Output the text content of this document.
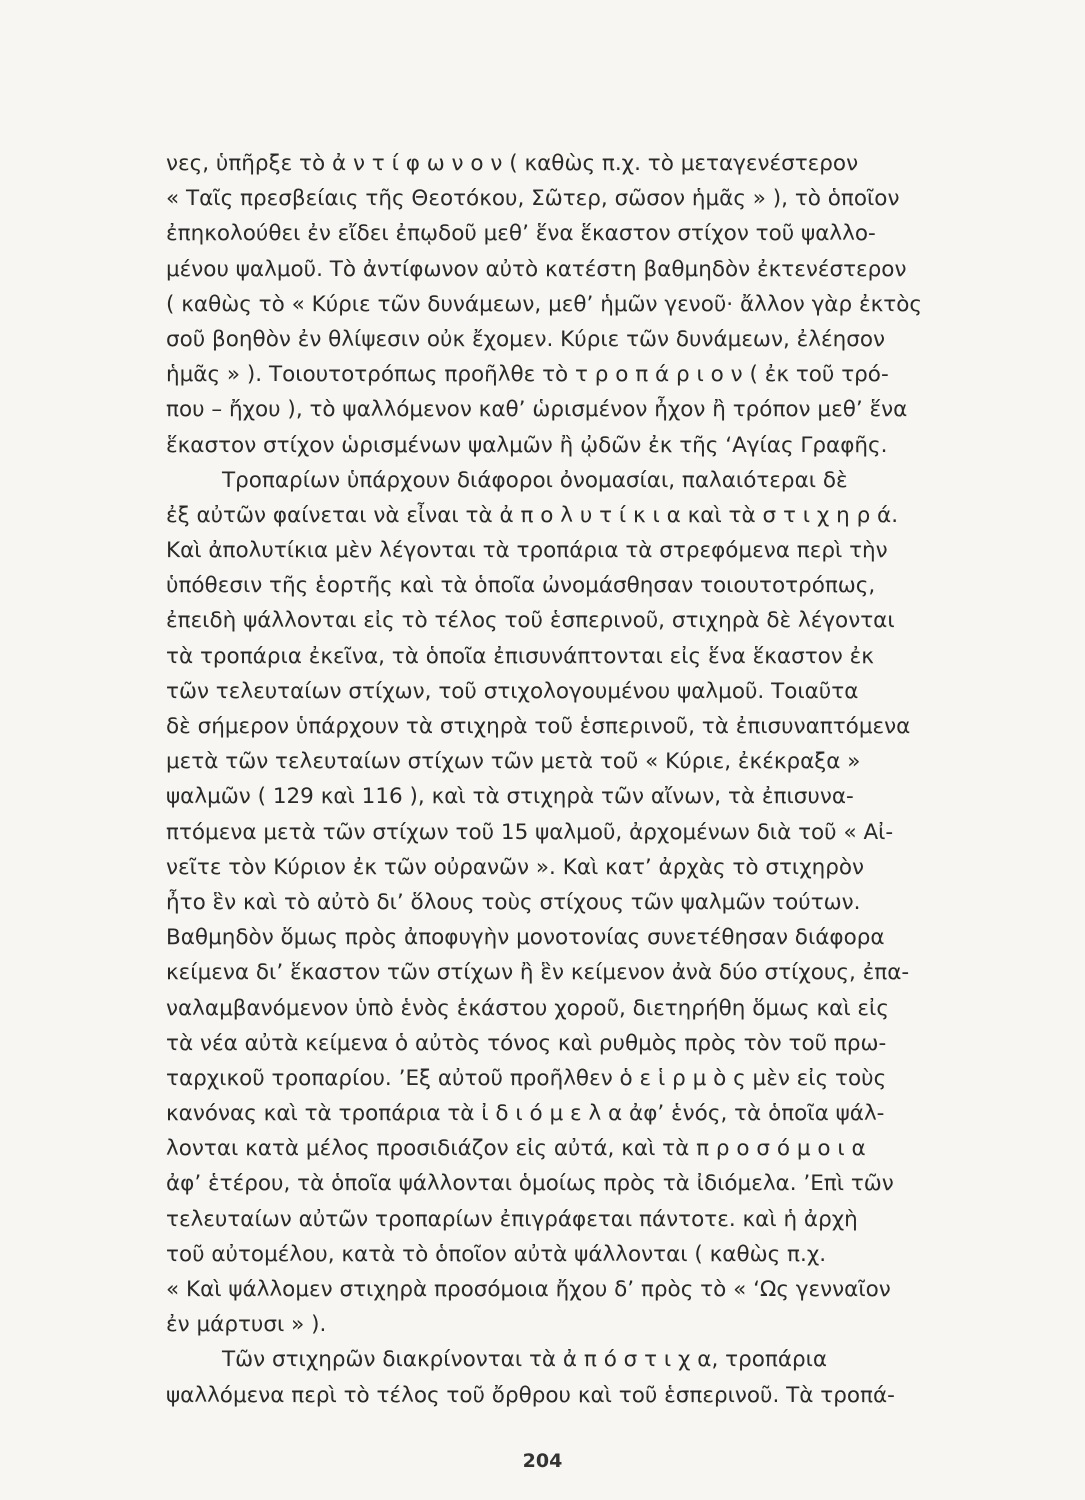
νες, ὑπῆρξε τὸ ἀ ν τ ί φ ω ν ο ν ( καθὼς π.χ. τὸ μεταγενέστερον
« Ταῖς πρεσβείαις τῆς Θεοτόκου, Σῶτερ, σῶσον ἡμᾶς » ), τὸ ὁποῖον
ἐπηκολούθει ἐν εἴδει ἐπῳδοῦ μεθ’ ἕνα ἕκαστον στίχον τοῦ ψαλλο-
μένου ψαλμοῦ. Τὸ ἀντίφωνον αὐτὸ κατέστη βαθμηδὸν ἐκτενέστερον
( καθὼς τὸ « Κύριε τῶν δυνάμεων, μεθ’ ἡμῶν γενοῦ· ἄλλον γὰρ ἐκτὸς
σοῦ βοηθὸν ἐν θλίψεσιν οὐκ ἔχομεν. Κύριε τῶν δυνάμεων, ἐλέησον
ἡμᾶς » ). Τοιουτοτρόπως προῆλθε τὸ τ ρ ο π ά ρ ι ο ν ( ἐκ τοῦ τρό-
που – ἤχου ), τὸ ψαλλόμενον καθ’ ὡρισμένον ἦχον ἢ τρόπον μεθ’ ἕνα
ἕκαστον στίχον ὡρισμένων ψαλμῶν ἢ ᾠδῶν ἐκ τῆς ‘Αγίας Γραφῆς.
Τροπαρίων ὑπάρχουν διάφοροι ὀνομασίαι, παλαιότεραι δὲ
ἐξ αὐτῶν φαίνεται νὰ εἶναι τὰ ἀ π ο λ υ τ ί κ ι α καὶ τὰ σ τ ι χ η ρ ά.
Καὶ ἀπολυτίκια μὲν λέγονται τὰ τροπάρια τὰ στρεφόμενα περὶ τὴν
ὑπόθεσιν τῆς ἑορτῆς καὶ τὰ ὁποῖα ὠνομάσθησαν τοιουτοτρόπως,
ἐπειδὴ ψάλλονται εἰς τὸ τέλος τοῦ ἑσπερινοῦ, στιχηρὰ δὲ λέγονται
τὰ τροπάρια ἐκεῖνα, τὰ ὁποῖα ἐπισυνάπτονται εἰς ἕνα ἕκαστον ἐκ
τῶν τελευταίων στίχων, τοῦ στιχολογουμένου ψαλμοῦ. Τοιαῦτα
δὲ σήμερον ὑπάρχουν τὰ στιχηρὰ τοῦ ἑσπερινοῦ, τὰ ἐπισυναπτόμενα
μετὰ τῶν τελευταίων στίχων τῶν μετὰ τοῦ « Κύριε, ἐκέκραξα »
ψαλμῶν ( 129 καὶ 116 ), καὶ τὰ στιχηρὰ τῶν αἴνων, τὰ ἐπισυνα-
πτόμενα μετὰ τῶν στίχων τοῦ 15 ψαλμοῦ, ἀρχομένων διὰ τοῦ « Αἰ-
νεῖτε τὸν Κύριον ἐκ τῶν οὐρανῶν ». Καὶ κατ’ ἀρχὰς τὸ στιχηρὸν
ἦτο ἓν καὶ τὸ αὐτὸ δι’ ὅλους τοὺς στίχους τῶν ψαλμῶν τούτων.
Βαθμηδὸν ὅμως πρὸς ἀποφυγὴν μονοτονίας συνετέθησαν διάφορα
κείμενα δι’ ἕκαστον τῶν στίχων ἢ ἓν κείμενον ἀνὰ δύο στίχους, ἐπα-
ναλαμβανόμενον ὑπὸ ἑνὸς ἑκάστου χοροῦ, διετηρήθη ὅμως καὶ εἰς
τὰ νέα αὐτὰ κείμενα ὁ αὐτὸς τόνος καὶ ρυθμὸς πρὸς τὸν τοῦ πρω-
ταρχικοῦ τροπαρίου. ’Εξ αὐτοῦ προῆλθεν ὁ ε ἱ ρ μ ὸ ς μὲν εἰς τοὺς
κανόνας καὶ τὰ τροπάρια τὰ ἰ δ ι ό μ ε λ α ἀφ’ ἑνός, τὰ ὁποῖα ψάλ-
λονται κατὰ μέλος προσιδιάζον εἰς αὐτά, καὶ τὰ π ρ ο σ ό μ ο ι α
ἀφ’ ἑτέρου, τὰ ὁποῖα ψάλλονται ὁμοίως πρὸς τὰ ἰδιόμελα. ’Επὶ τῶν
τελευταίων αὐτῶν τροπαρίων ἐπιγράφεται πάντοτε. καὶ ἡ ἀρχὴ
τοῦ αὐτομέλου, κατὰ τὸ ὁποῖον αὐτὰ ψάλλονται ( καθὼς π.χ.
« Καὶ ψάλλομεν στιχηρὰ προσόμοια ἤχου δ’ πρὸς τὸ « ‘Ως γενναῖον
ἐν μάρτυσι » ).
Τῶν στιχηρῶν διακρίνονται τὰ ἀ π ό σ τ ι χ α, τροπάρια
ψαλλόμενα περὶ τὸ τέλος τοῦ ὄρθρου καὶ τοῦ ἑσπερινοῦ. Τὰ τροπά-
204
